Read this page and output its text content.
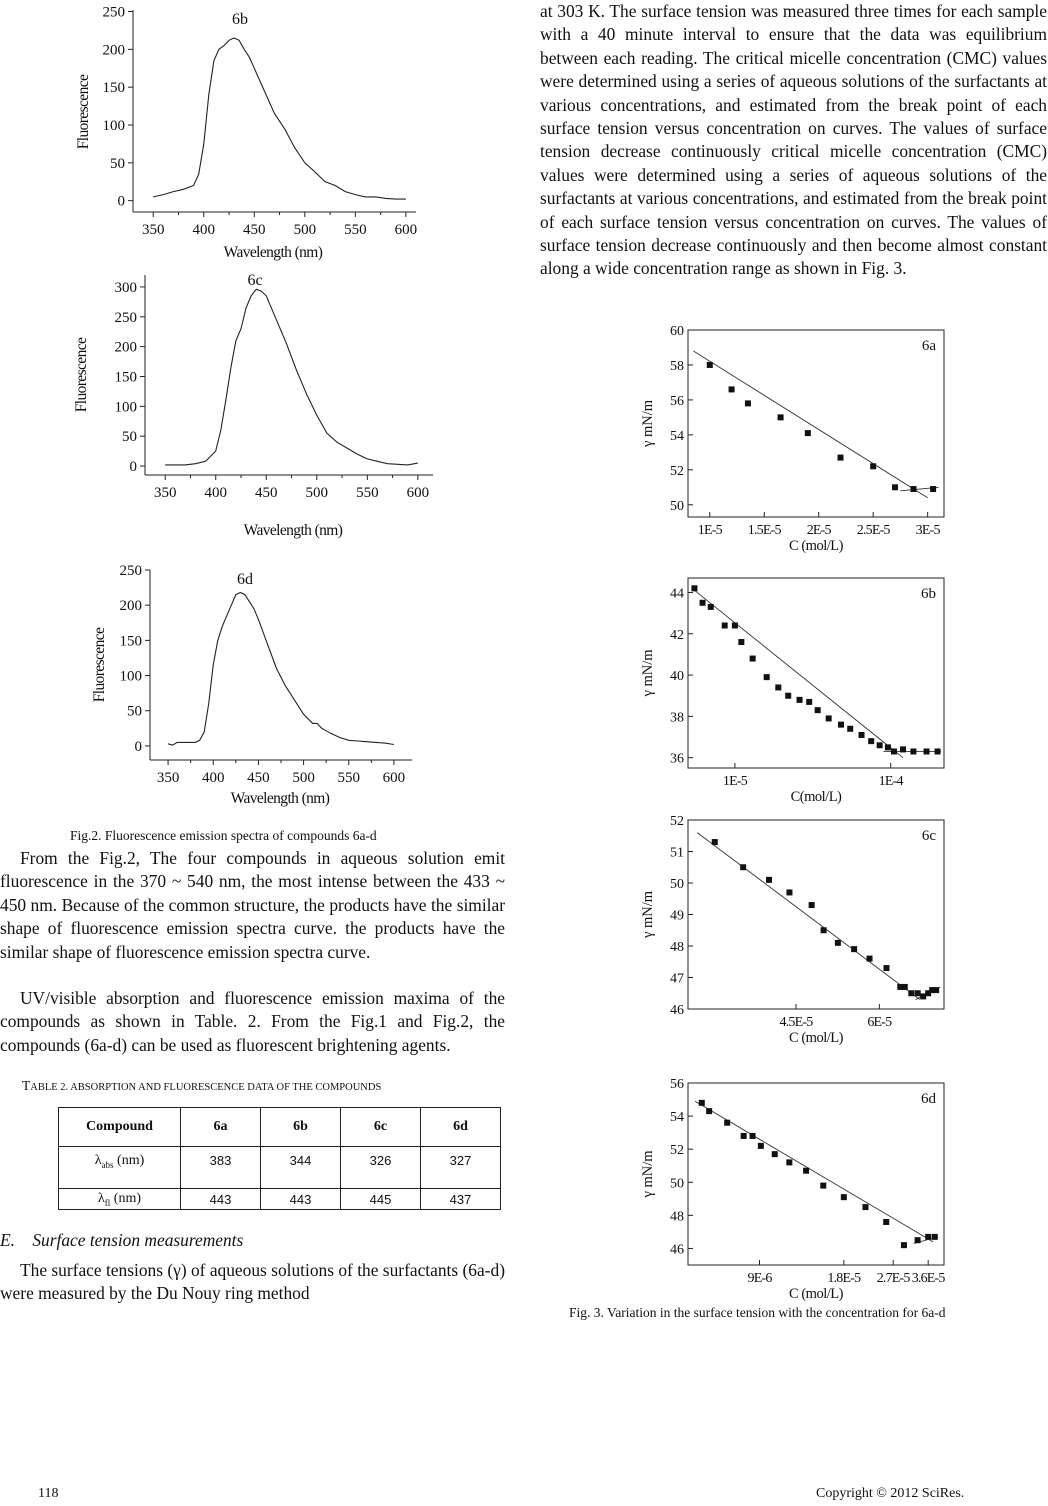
350 400 450 500 550 600
0
50
100
150
200
250	6b
Wavelength (nm)
Fluorescence
350 400 450 500 550 600
0
50
100
150
200
250
300	6c
Wavelength (nm)
Fluorescence
350 400 450 500 550 600
0
50
100
150
200
250	6d
Wavelength (nm)
Fluorescence
Fig.2. Fluorescence emission spectra of compounds 6a-d

From the Fig.2, The four compounds in aqueous solution emit fluorescence in the 370 ~ 540 nm, the most intense between the 433 ~ 450 nm. Because of the common structure, the products have the similar shape of fluorescence emission spectra curve. the products have the similar shape of fluorescence emission spectra curve.

UV/visible absorption and fluorescence emission maxima of the compounds as shown in Table. 2. From the Fig.1 and Fig.2, the compounds (6a-d) can be used as fluorescent brightening agents.

TABLE 2. ABSORPTION AND FLUORESCENCE DATA OF THE COMPOUNDS
Compound	6a	6b	6c	6d
$\lambda_{abs}$ (nm)	383	344	326	327
$\lambda_{fl}$ (nm)	443	443	445	437
E.    Surface tension measurements

The surface tensions (γ) of aqueous solutions of the surfactants (6a-d) were measured by the Du Nouy ring method

at 303 K. The surface tension was measured three times for each sample with a 40 minute interval to ensure that the data was equilibrium between each reading. The critical micelle concentration (CMC) values were determined using a series of aqueous solutions of the surfactants at various concentrations, and estimated from the break point of each surface tension versus concentration on curves. The values of surface tension decrease continuously critical micelle concentration (CMC) values were determined using a series of aqueous solutions of the surfactants at various concentrations, and estimated from the break point of each surface tension versus concentration on curves. The values of surface tension decrease continuously and then become almost constant along a wide concentration range as shown in Fig. 3.

1E-5 1.5E-5 2E-5 2.5E-5 3E-5
50
52
54
56
58
60
6a
C (mol/L)
γ mN/m
1E-5	1E-4
36
38
40
42
44	6b
C(mol/L)
γ mN/m
4.5E-5	6E-5
46
47
48
49
50
51
52
6c
C (mol/L)
γ mN/m
9E-6	1.8E-5 2.7E-5 3.6E-5
46
48
50
52
54
56
6d
C (mol/L)
γ mN/m
Fig. 3. Variation in the surface tension with the concentration for 6a-d
118	Copyright © 2012 SciRes.
